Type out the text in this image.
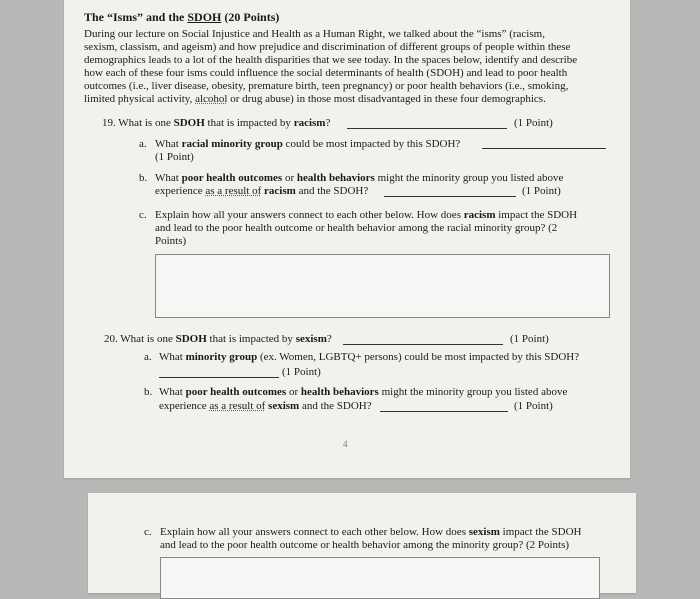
The “Isms” and the SDOH (20 Points)
During our lecture on Social Injustice and Health as a Human Right, we talked about the “isms” (racism,
sexism, classism, and ageism) and how prejudice and discrimination of different groups of people within these
demographics leads to a lot of the health disparities that we see today. In the spaces below, identify and describe
how each of these four isms could influence the social determinants of health (SDOH) and lead to poor health
outcomes (i.e., liver disease, obesity, premature birth, teen pregnancy) or poor health behaviors (i.e., smoking,
limited physical activity, alcohol or drug abuse) in those most disadvantaged in these four demographics.
19. What is one SDOH that is impacted by racism?	(1 Point)
a. What racial minority group could be most impacted by this SDOH?
(1 Point)
b. What poor health outcomes or health behaviors might the minority group you listed above
experience as a result of racism and the SDOH?	(1 Point)
c. Explain how all your answers connect to each other below. How does racism impact the SDOH
and lead to the poor health outcome or health behavior among the racial minority group? (2
Points)
20. What is one SDOH that is impacted by sexism?	(1 Point)
a. What minority group (ex. Women, LGBTQ+ persons) could be most impacted by this SDOH?
(1 Point)
b. What poor health outcomes or health behaviors might the minority group you listed above
experience as a result of sexism and the SDOH?	(1 Point)
4
c. Explain how all your answers connect to each other below. How does sexism impact the SDOH
and lead to the poor health outcome or health behavior among the minority group? (2 Points)
